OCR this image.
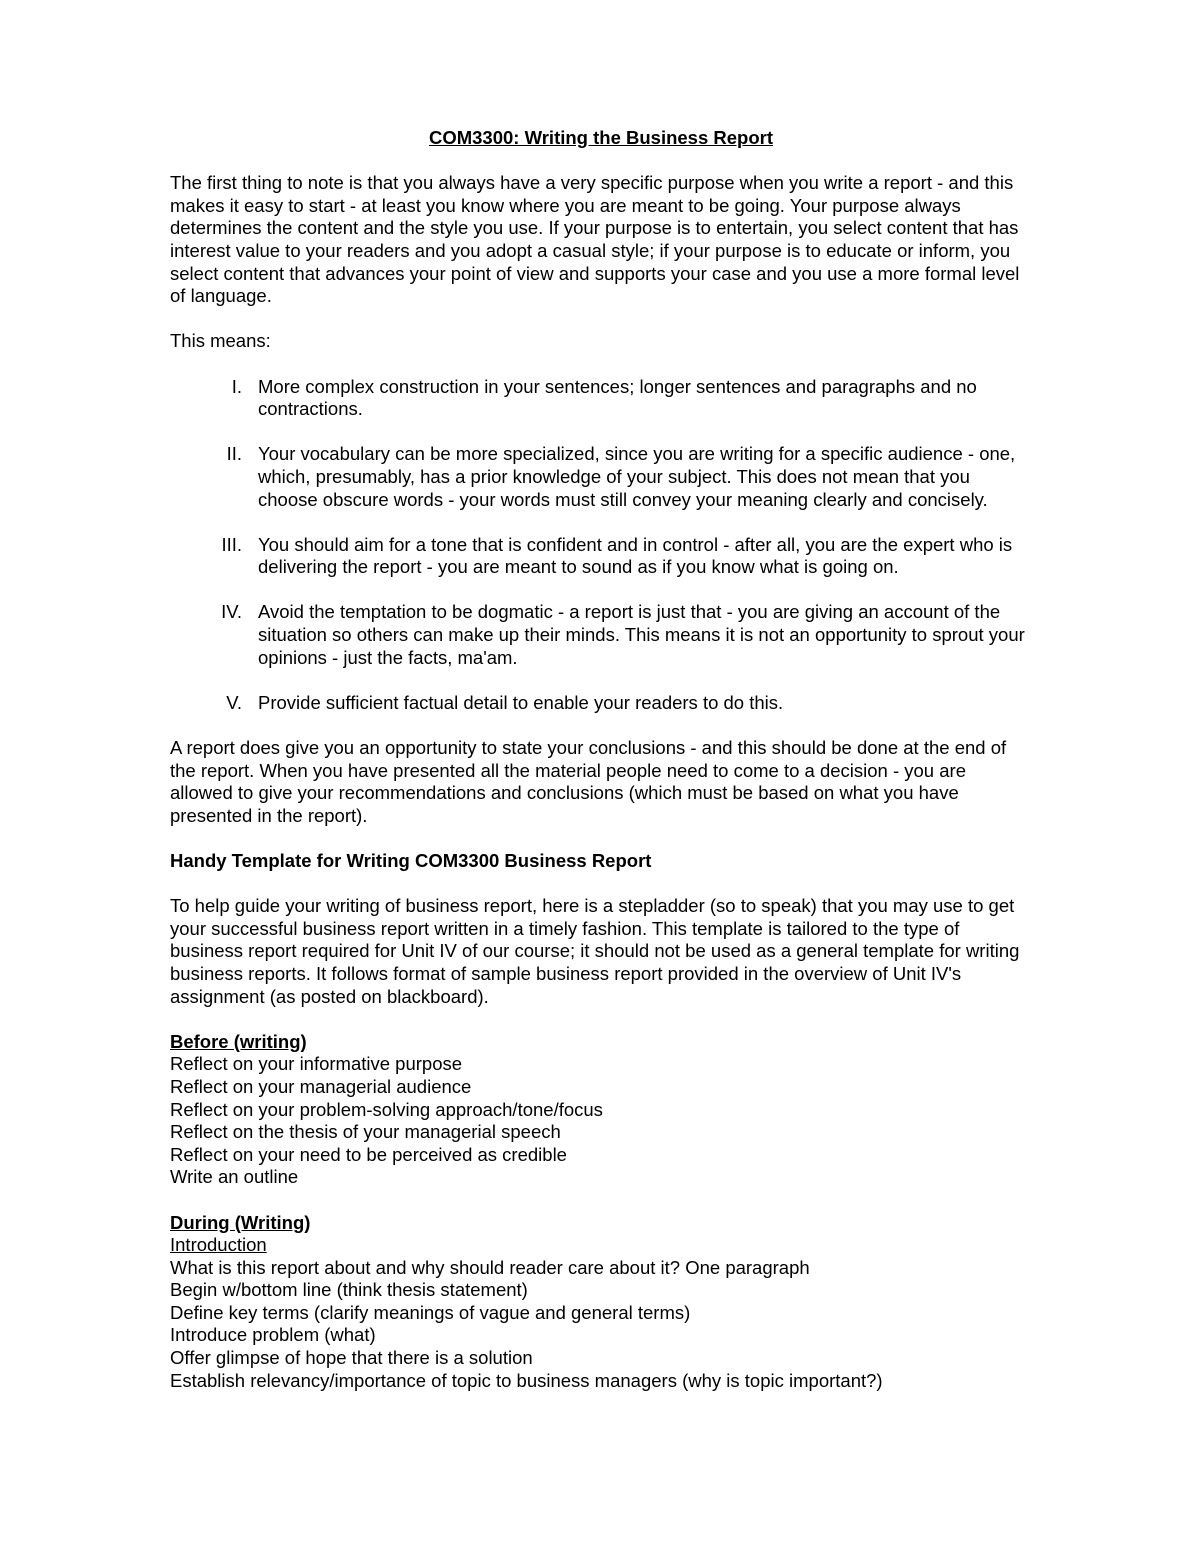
COM3300: Writing the Business Report

The first thing to note is that you always have a very specific purpose when you write a report - and this makes it easy to start - at least you know where you are meant to be going. Your purpose always determines the content and the style you use. If your purpose is to entertain, you select content that has interest value to your readers and you adopt a casual style; if your purpose is to educate or inform, you select content that advances your point of view and supports your case and you use a more formal level of language.

This means:

I. More complex construction in your sentences; longer sentences and paragraphs and no contractions.
II. Your vocabulary can be more specialized, since you are writing for a specific audience - one, which, presumably, has a prior knowledge of your subject. This does not mean that you choose obscure words - your words must still convey your meaning clearly and concisely.
III. You should aim for a tone that is confident and in control - after all, you are the expert who is delivering the report - you are meant to sound as if you know what is going on.
IV. Avoid the temptation to be dogmatic - a report is just that - you are giving an account of the situation so others can make up their minds. This means it is not an opportunity to sprout your opinions - just the facts, ma'am.
V. Provide sufficient factual detail to enable your readers to do this.

A report does give you an opportunity to state your conclusions - and this should be done at the end of the report. When you have presented all the material people need to come to a decision - you are allowed to give your recommendations and conclusions (which must be based on what you have presented in the report).

Handy Template for Writing COM3300 Business Report

To help guide your writing of business report, here is a stepladder (so to speak) that you may use to get your successful business report written in a timely fashion. This template is tailored to the type of business report required for Unit IV of our course; it should not be used as a general template for writing business reports. It follows format of sample business report provided in the overview of Unit IV's assignment (as posted on blackboard).

Before (writing)
Reflect on your informative purpose
Reflect on your managerial audience
Reflect on your problem-solving approach/tone/focus
Reflect on the thesis of your managerial speech
Reflect on your need to be perceived as credible
Write an outline
During (Writing)
Introduction
What is this report about and why should reader care about it? One paragraph
Begin w/bottom line (think thesis statement)
Define key terms (clarify meanings of vague and general terms)
Introduce problem (what)
Offer glimpse of hope that there is a solution
Establish relevancy/importance of topic to business managers (why is topic important?)
